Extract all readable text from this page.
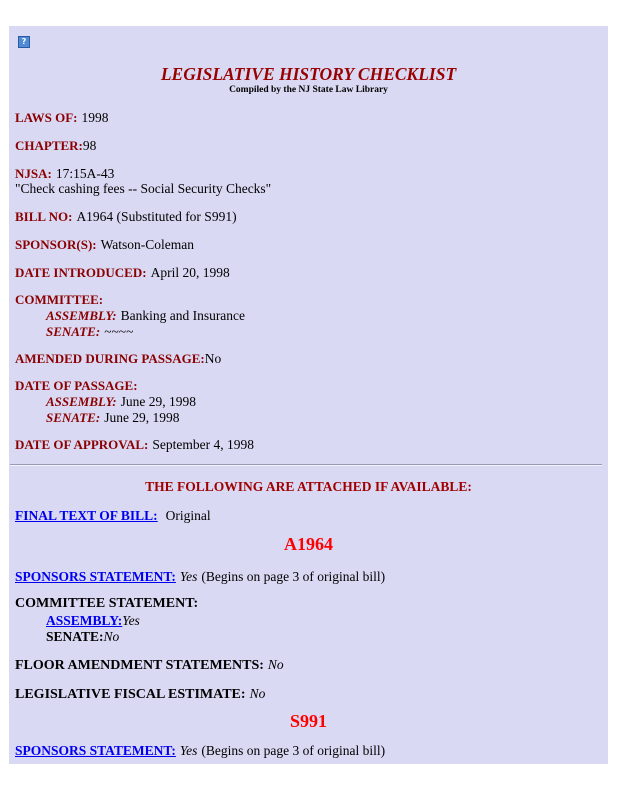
?
LEGISLATIVE HISTORY CHECKLIST
Compiled by the NJ State Law Library
LAWS OF: 1998
CHAPTER:98
NJSA: 17:15A-43
"Check cashing fees -- Social Security Checks"
BILL NO: A1964 (Substituted for S991)
SPONSOR(S): Watson-Coleman
DATE INTRODUCED: April 20, 1998
COMMITTEE:
ASSEMBLY: Banking and Insurance
SENATE: ~~~~
AMENDED DURING PASSAGE:No
DATE OF PASSAGE:
ASSEMBLY: June 29, 1998
SENATE: June 29, 1998
DATE OF APPROVAL: September 4, 1998
THE FOLLOWING ARE ATTACHED IF AVAILABLE:
FINAL TEXT OF BILL: Original
A1964
SPONSORS STATEMENT: Yes (Begins on page 3 of original bill)
COMMITTEE STATEMENT:
ASSEMBLY:Yes
SENATE:No
FLOOR AMENDMENT STATEMENTS: No
LEGISLATIVE FISCAL ESTIMATE: No
S991
SPONSORS STATEMENT: Yes (Begins on page 3 of original bill)
